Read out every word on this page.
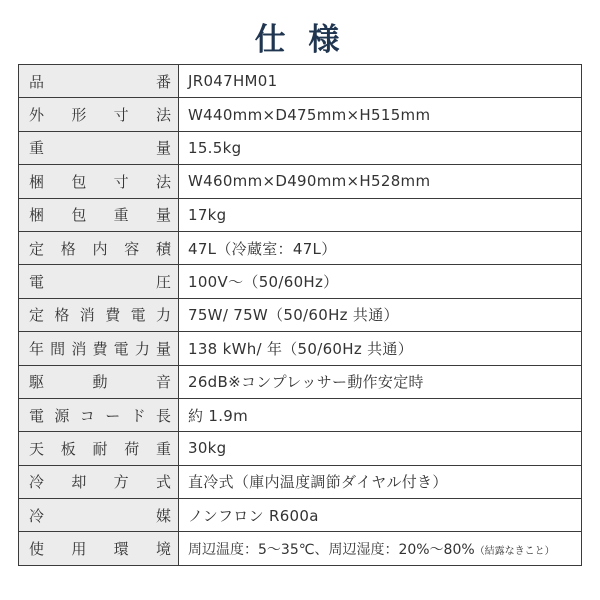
仕 様
品番	JR047HM01
外形寸法	W440mm×D475mm×H515mm
重量	15.5kg
梱包寸法	W460mm×D490mm×H528mm
梱包重量	17kg
定格内容積	47L（冷蔵室：47L）
電圧	100V〜（50/60Hz）
定格消費電力	75W/ 75W（50/60Hz 共通）
年間消費電力量	138 kWh/ 年（50/60Hz 共通）
駆動音	26dB※コンプレッサー動作安定時
電源コード長	約 1.9m
天板耐荷重	30kg
冷却方式	直冷式（庫内温度調節ダイヤル付き）
冷媒	ノンフロン R600a
使用環境	周辺温度：5〜35℃、周辺湿度：20%〜80%（結露なきこと）
